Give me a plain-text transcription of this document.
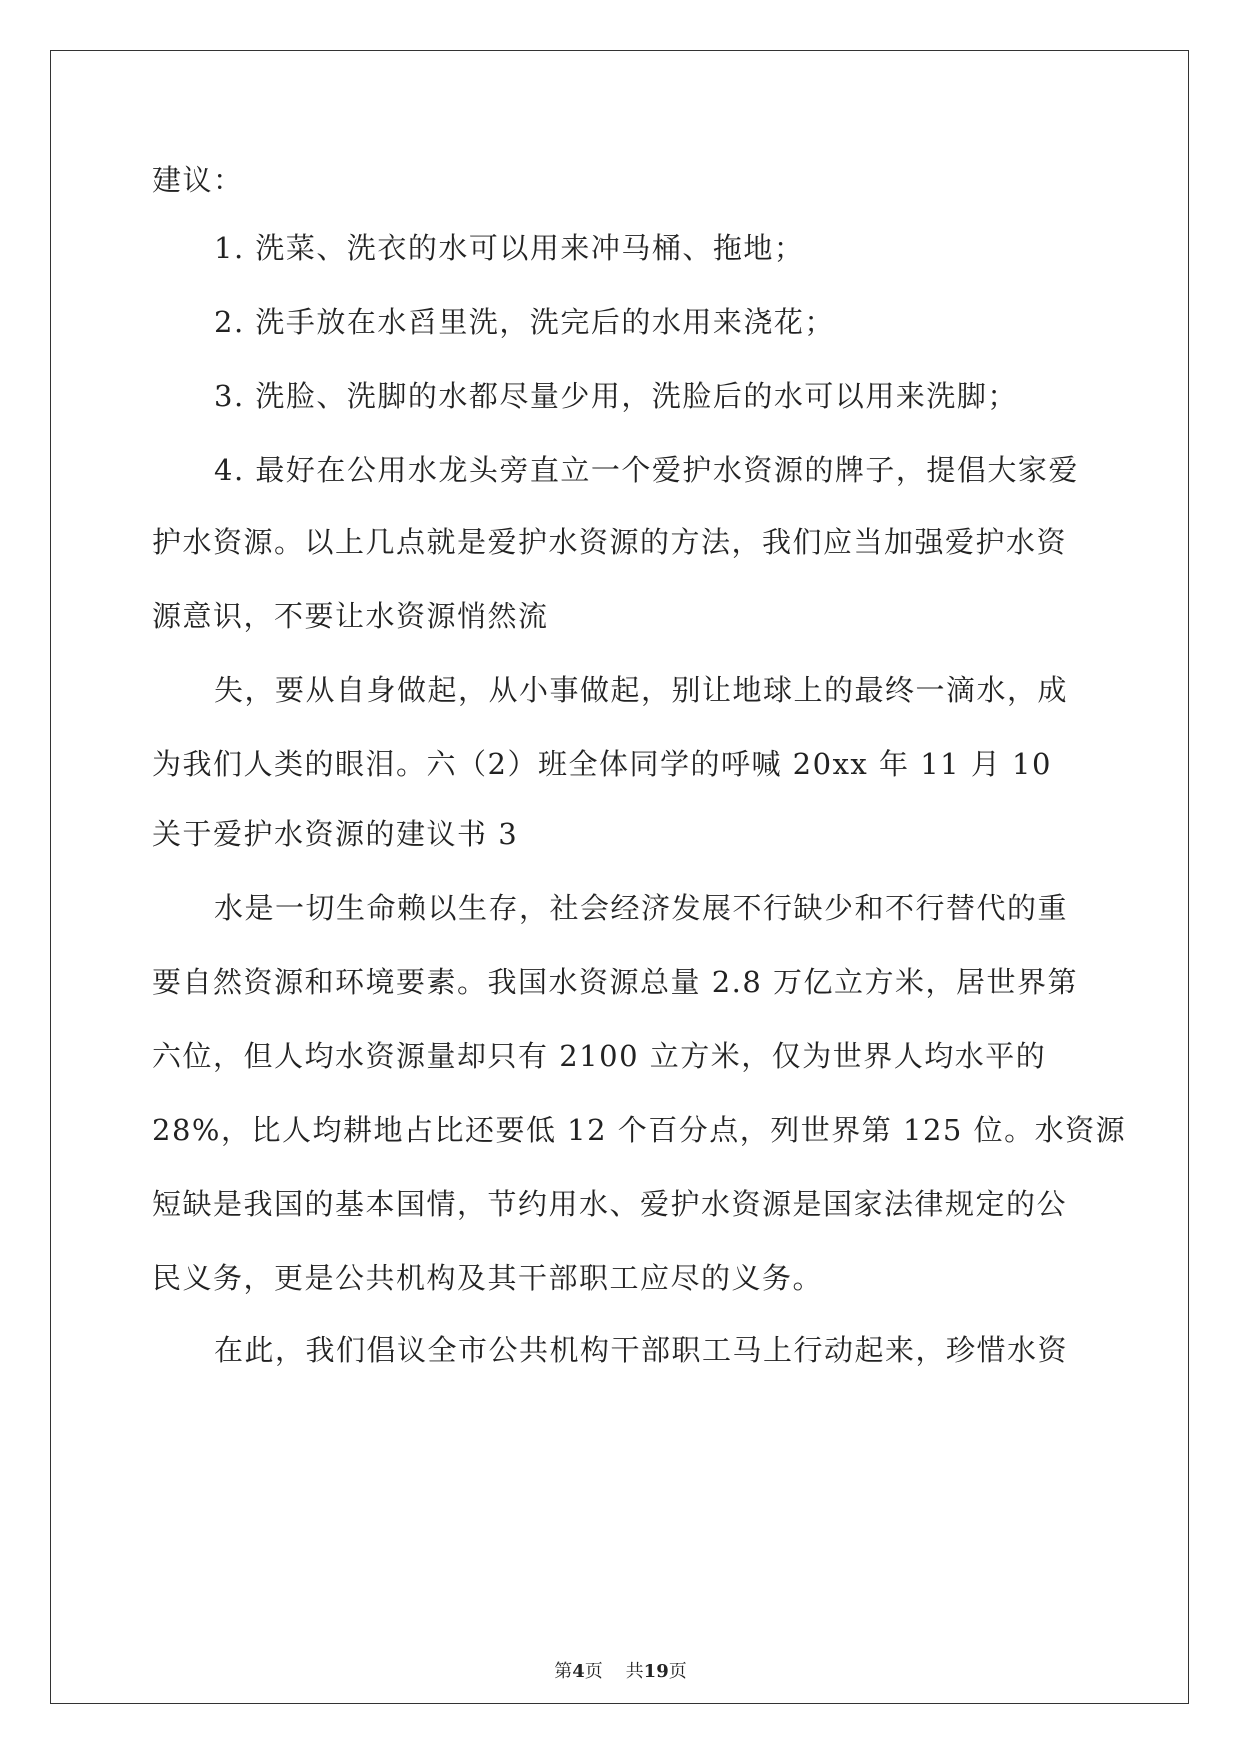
建议：
1. 洗菜、洗衣的水可以用来冲马桶、拖地；
2. 洗手放在水舀里洗，洗完后的水用来浇花；
3. 洗脸、洗脚的水都尽量少用，洗脸后的水可以用来洗脚；
4. 最好在公用水龙头旁直立一个爱护水资源的牌子，提倡大家爱
护水资源。以上几点就是爱护水资源的方法，我们应当加强爱护水资
源意识，不要让水资源悄然流
失，要从自身做起，从小事做起，别让地球上的最终一滴水，成
为我们人类的眼泪。六（2）班全体同学的呼喊 20xx 年 11 月 10
关于爱护水资源的建议书 3
水是一切生命赖以生存，社会经济发展不行缺少和不行替代的重
要自然资源和环境要素。我国水资源总量 2.8 万亿立方米，居世界第
六位，但人均水资源量却只有 2100 立方米，仅为世界人均水平的
28%，比人均耕地占比还要低 12 个百分点，列世界第 125 位。水资源
短缺是我国的基本国情，节约用水、爱护水资源是国家法律规定的公
民义务，更是公共机构及其干部职工应尽的义务。
在此，我们倡议全市公共机构干部职工马上行动起来，珍惜水资
第4页 共19页
